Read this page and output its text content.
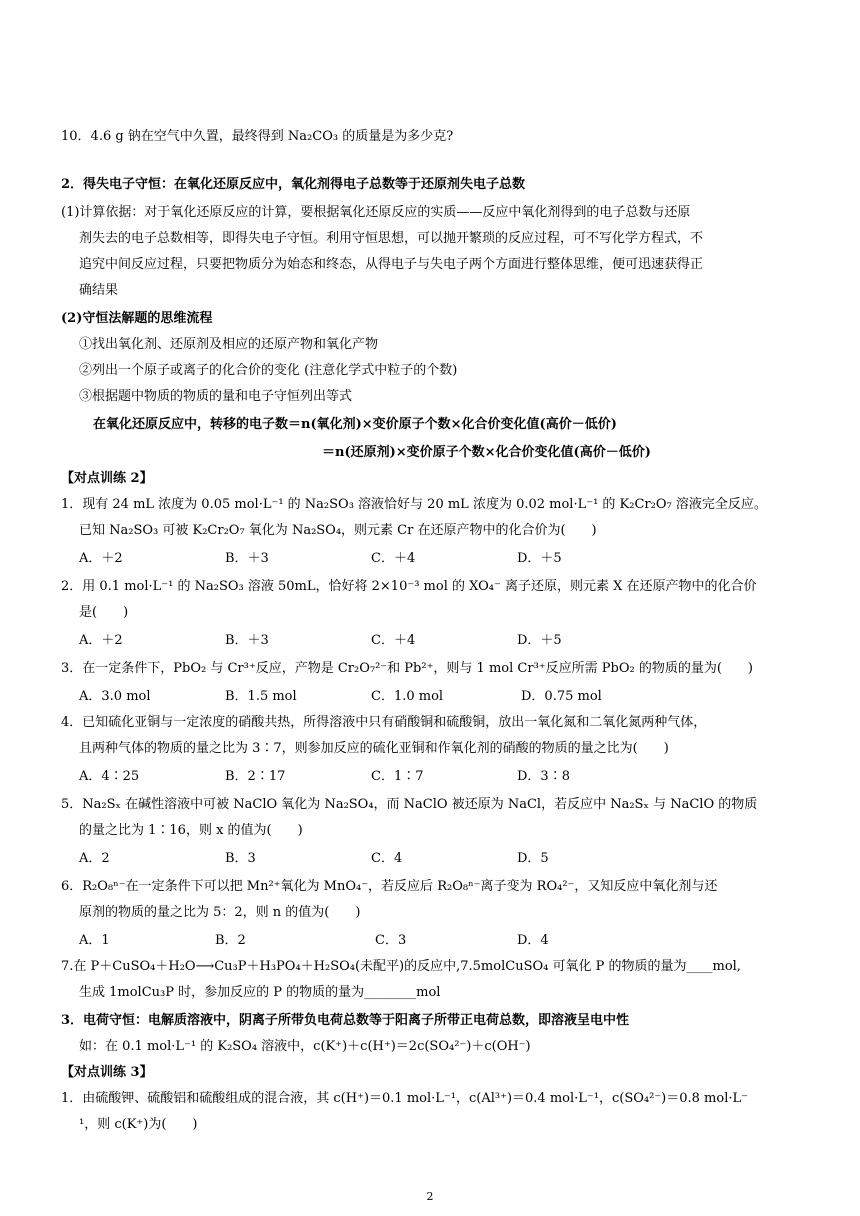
10．4.6 g 钠在空气中久置，最终得到 Na₂CO₃ 的质量是为多少克?
2．得失电子守恒：在氧化还原反应中，氧化剂得电子总数等于还原剂失电子总数
(1)计算依据：对于氧化还原反应的计算，要根据氧化还原反应的实质——反应中氧化剂得到的电子总数与还原
剂失去的电子总数相等，即得失电子守恒。利用守恒思想，可以抛开繁琐的反应过程，可不写化学方程式，不
追究中间反应过程，只要把物质分为始态和终态，从得电子与失电子两个方面进行整体思维，便可迅速获得正
确结果
(2)守恒法解题的思维流程
①找出氧化剂、还原剂及相应的还原产物和氧化产物
②列出一个原子或离子的化合价的变化 (注意化学式中粒子的个数)
③根据题中物质的物质的量和电子守恒列出等式
在氧化还原反应中，转移的电子数＝n(氧化剂)×变价原子个数×化合价变化值(高价－低价)
＝n(还原剂)×变价原子个数×化合价变化值(高价－低价)
【对点训练 2】
1．现有 24 mL 浓度为 0.05 mol·L⁻¹ 的 Na₂SO₃ 溶液恰好与 20 mL 浓度为 0.02 mol·L⁻¹ 的 K₂Cr₂O₇ 溶液完全反应。
已知 Na₂SO₃ 可被 K₂Cr₂O₇ 氧化为 Na₂SO₄，则元素 Cr 在还原产物中的化合价为(　　)
A．＋2	B．＋3	C．＋4	D．＋5
2．用 0.1 mol·L⁻¹ 的 Na₂SO₃ 溶液 50mL，恰好将 2×10⁻³ mol 的 XO₄⁻ 离子还原，则元素 X 在还原产物中的化合价
是(　　)
A．＋2	B．＋3	C．＋4	D．＋5
3．在一定条件下，PbO₂ 与 Cr³⁺反应，产物是 Cr₂O₇²⁻和 Pb²⁺，则与 1 mol Cr³⁺反应所需 PbO₂ 的物质的量为(　　)
A．3.0 mol	B．1.5 mol	C．1.0 mol	D．0.75 mol
4．已知硫化亚铜与一定浓度的硝酸共热，所得溶液中只有硝酸铜和硫酸铜，放出一氧化氮和二氧化氮两种气体，
且两种气体的物质的量之比为 3∶7，则参加反应的硫化亚铜和作氧化剂的硝酸的物质的量之比为(　　)
A．4∶25	B．2∶17	C．1∶7	D．3∶8
5．Na₂Sₓ 在碱性溶液中可被 NaClO 氧化为 Na₂SO₄，而 NaClO 被还原为 NaCl，若反应中 Na₂Sₓ 与 NaClO 的物质
的量之比为 1∶16，则 x 的值为(　　)
A．2	B．3	C．4	D．5
6．R₂O₈ⁿ⁻在一定条件下可以把 Mn²⁺氧化为 MnO₄⁻，若反应后 R₂O₈ⁿ⁻离子变为 RO₄²⁻，又知反应中氧化剂与还
原剂的物质的量之比为 5：2，则 n 的值为(　　)
A．1	B．2	C．3	D．4
7.在 P＋CuSO₄＋H₂O⟶Cu₃P＋H₃PO₄＋H₂SO₄(未配平)的反应中,7.5molCuSO₄ 可氧化 P 的物质的量为____mol,
生成 1molCu₃P 时，参加反应的 P 的物质的量为________mol
3．电荷守恒：电解质溶液中，阴离子所带负电荷总数等于阳离子所带正电荷总数，即溶液呈电中性
如：在 0.1 mol·L⁻¹ 的 K₂SO₄ 溶液中，c(K⁺)＋c(H⁺)＝2c(SO₄²⁻)＋c(OH⁻)
【对点训练 3】
1．由硫酸钾、硫酸铝和硫酸组成的混合液，其 c(H⁺)＝0.1 mol·L⁻¹，c(Al³⁺)＝0.4 mol·L⁻¹，c(SO₄²⁻)＝0.8 mol·L⁻
¹，则 c(K⁺)为(　　)
2
